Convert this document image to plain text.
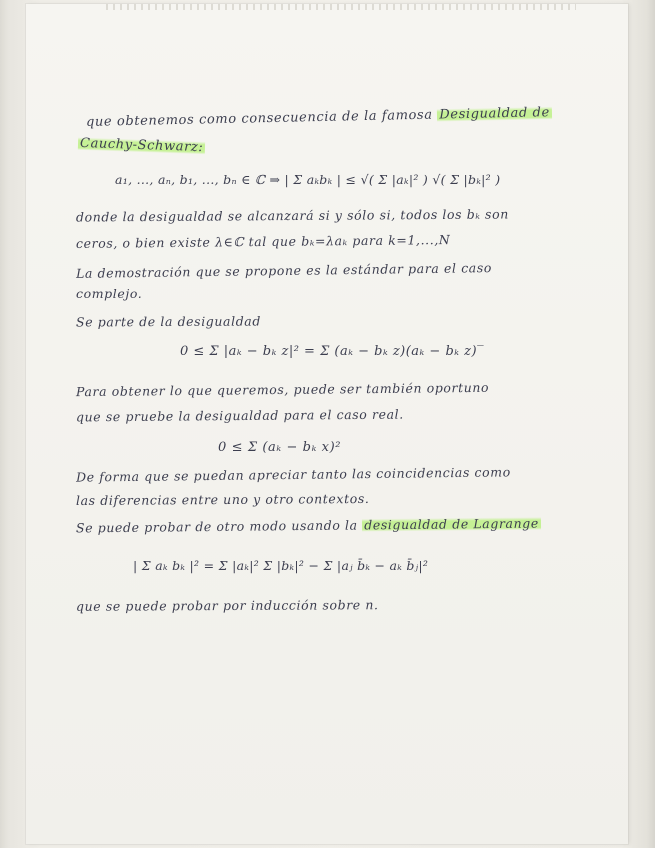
que obtenemos como consecuencia de la famosa Desigualdad de
Cauchy-Schwarz:
a₁, ..., aₙ, b₁, ..., bₙ ∈ ℂ ⇒ | Σ aₖbₖ | ≤ √( Σ |aₖ|² ) √( Σ |bₖ|² )
donde la desigualdad se alcanzará si y sólo si, todos los bₖ son
ceros, o bien existe λ∈ℂ tal que bₖ=λaₖ para k=1,...,N
La demostración que se propone es la estándar para el caso
complejo.
Se parte de la desigualdad
0 ≤ Σ |aₖ − bₖ z|² = Σ (aₖ − bₖ z)(aₖ − bₖ z)‾
Para obtener lo que queremos, puede ser también oportuno
que se pruebe la desigualdad para el caso real.
0 ≤ Σ (aₖ − bₖ x)²
De forma que se puedan apreciar tanto las coincidencias como
las diferencias entre uno y otro contextos.
Se puede probar de otro modo usando la desigualdad de Lagrange
| Σ aₖ bₖ |² = Σ |aₖ|² Σ |bₖ|² − Σ |aⱼ b̄ₖ − aₖ b̄ⱼ|²
que se puede probar por inducción sobre n.
